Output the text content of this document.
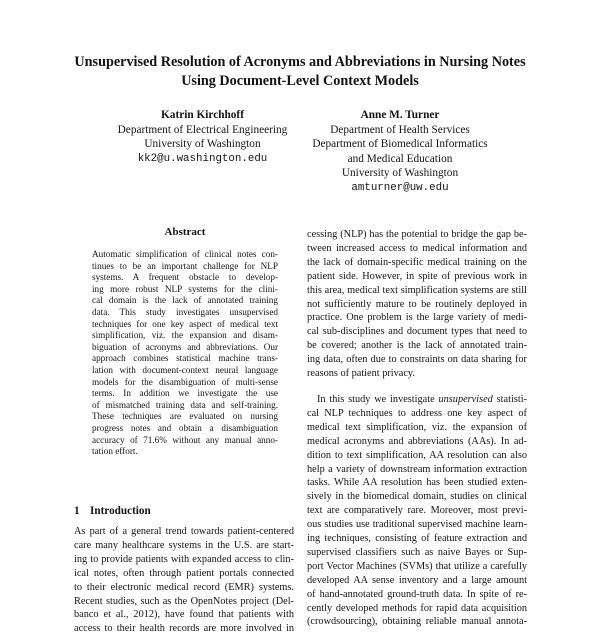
Unsupervised Resolution of Acronyms and Abbreviations in Nursing Notes
Using Document-Level Context Models
Katrin Kirchhoff
Department of Electrical Engineering
University of Washington
kk2@u.washington.edu
Anne M. Turner
Department of Health Services
Department of Biomedical Informatics
and Medical Education
University of Washington
amturner@uw.edu
Abstract
Automatic simplification of clinical notes con-
tinues to be an important challenge for NLP
systems. A frequent obstacle to develop-
ing more robust NLP systems for the clini-
cal domain is the lack of annotated training
data. This study investigates unsupervised
techniques for one key aspect of medical text
simplification, viz. the expansion and disam-
biguation of acronyms and abbreviations. Our
approach combines statistical machine trans-
lation with document-context neural language
models for the disambiguation of multi-sense
terms. In addition we investigate the use
of mismatched training data and self-training.
These techniques are evaluated on nursing
progress notes and obtain a disambiguation
accuracy of 71.6% without any manual anno-
tation effort.
1 Introduction
As part of a general trend towards patient-centered
care many healthcare systems in the U.S. are start-
ing to provide patients with expanded access to clin-
ical notes, often through patient portals connected
to their electronic medical record (EMR) systems.
Recent studies, such as the OpenNotes project (Del-
banco et al., 2012), have found that patients with
access to their health records are more involved in
cessing (NLP) has the potential to bridge the gap be-
tween increased access to medical information and
the lack of domain-specific medical training on the
patient side. However, in spite of previous work in
this area, medical text simplification systems are still
not sufficiently mature to be routinely deployed in
practice. One problem is the large variety of medi-
cal sub-disciplines and document types that need to
be covered; another is the lack of annotated train-
ing data, often due to constraints on data sharing for
reasons of patient privacy.
In this study we investigate unsupervised statisti-
cal NLP techniques to address one key aspect of
medical text simplification, viz. the expansion of
medical acronyms and abbreviations (AAs). In ad-
dition to text simplification, AA resolution can also
help a variety of downstream information extraction
tasks. While AA resolution has been studied exten-
sively in the biomedical domain, studies on clinical
text are comparatively rare. Moreover, most previ-
ous studies use traditional supervised machine learn-
ing techniques, consisting of feature extraction and
supervised classifiers such as naive Bayes or Sup-
port Vector Machines (SVMs) that utilize a carefully
developed AA sense inventory and a large amount
of hand-annotated ground-truth data. In spite of re-
cently developed methods for rapid data acquisition
(crowdsourcing), obtaining reliable manual annota-
